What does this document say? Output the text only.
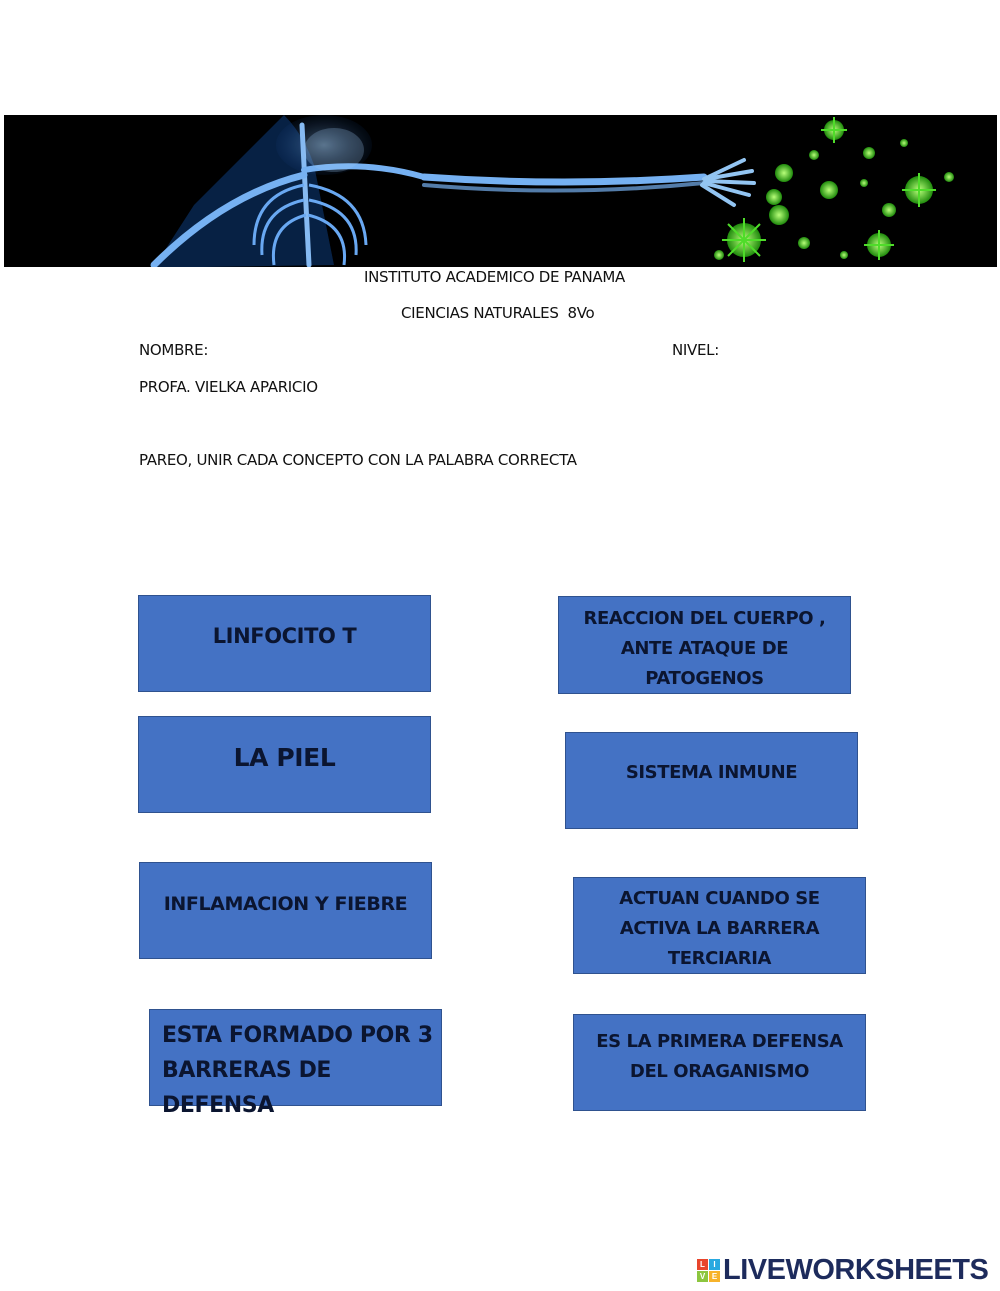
INSTITUTO ACADEMICO DE PANAMA
CIENCIAS NATURALES  8Vo
NOMBRE:	NIVEL:
PROFA. VIELKA APARICIO
PAREO, UNIR CADA CONCEPTO CON LA PALABRA CORRECTA
LINFOCITO T
LA PIEL
INFLAMACION Y FIEBRE
ESTA FORMADO POR 3
BARRERAS DE DEFENSA
REACCION DEL CUERPO ,
ANTE ATAQUE DE
PATOGENOS
SISTEMA INMUNE
ACTUAN CUANDO SE
ACTIVA LA BARRERA
TERCIARIA
ES LA PRIMERA DEFENSA
DEL ORAGANISMO
L	I
V E LIVEWORKSHEETS
